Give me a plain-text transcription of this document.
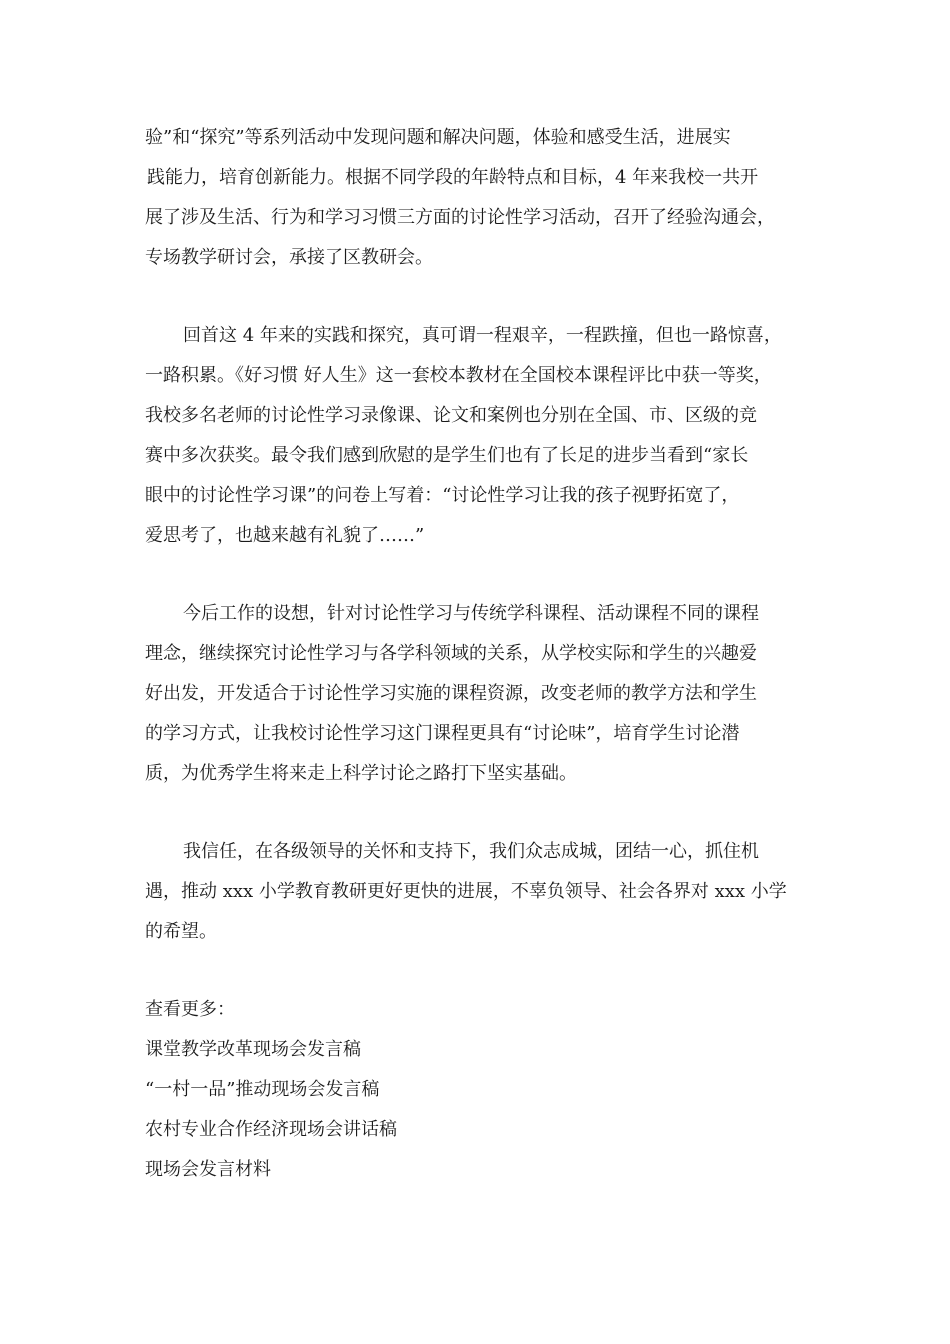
验”和“探究”等系列活动中发现问题和解决问题，体验和感受生活，进展实
践能力，培育创新能力。根据不同学段的年龄特点和目标，4 年来我校一共开
展了涉及生活、行为和学习习惯三方面的讨论性学习活动，召开了经验沟通会，
专场教学研讨会，承接了区教研会。
回首这 4 年来的实践和探究，真可谓一程艰辛，一程跌撞，但也一路惊喜，
一路积累。《好习惯 好人生》这一套校本教材在全国校本课程评比中获一等奖，
我校多名老师的讨论性学习录像课、论文和案例也分别在全国、市、区级的竞
赛中多次获奖。最令我们感到欣慰的是学生们也有了长足的进步当看到“家长
眼中的讨论性学习课”的问卷上写着：“讨论性学习让我的孩子视野拓宽了，
爱思考了，也越来越有礼貌了……”
今后工作的设想，针对讨论性学习与传统学科课程、活动课程不同的课程
理念，继续探究讨论性学习与各学科领域的关系，从学校实际和学生的兴趣爱
好出发，开发适合于讨论性学习实施的课程资源，改变老师的教学方法和学生
的学习方式，让我校讨论性学习这门课程更具有“讨论味”，培育学生讨论潜
质，为优秀学生将来走上科学讨论之路打下坚实基础。
我信任，在各级领导的关怀和支持下，我们众志成城，团结一心，抓住机
遇，推动 xxx 小学教育教研更好更快的进展，不辜负领导、社会各界对 xxx 小学
的希望。

查看更多：

课堂教学改革现场会发言稿
“一村一品”推动现场会发言稿
农村专业合作经济现场会讲话稿
现场会发言材料
